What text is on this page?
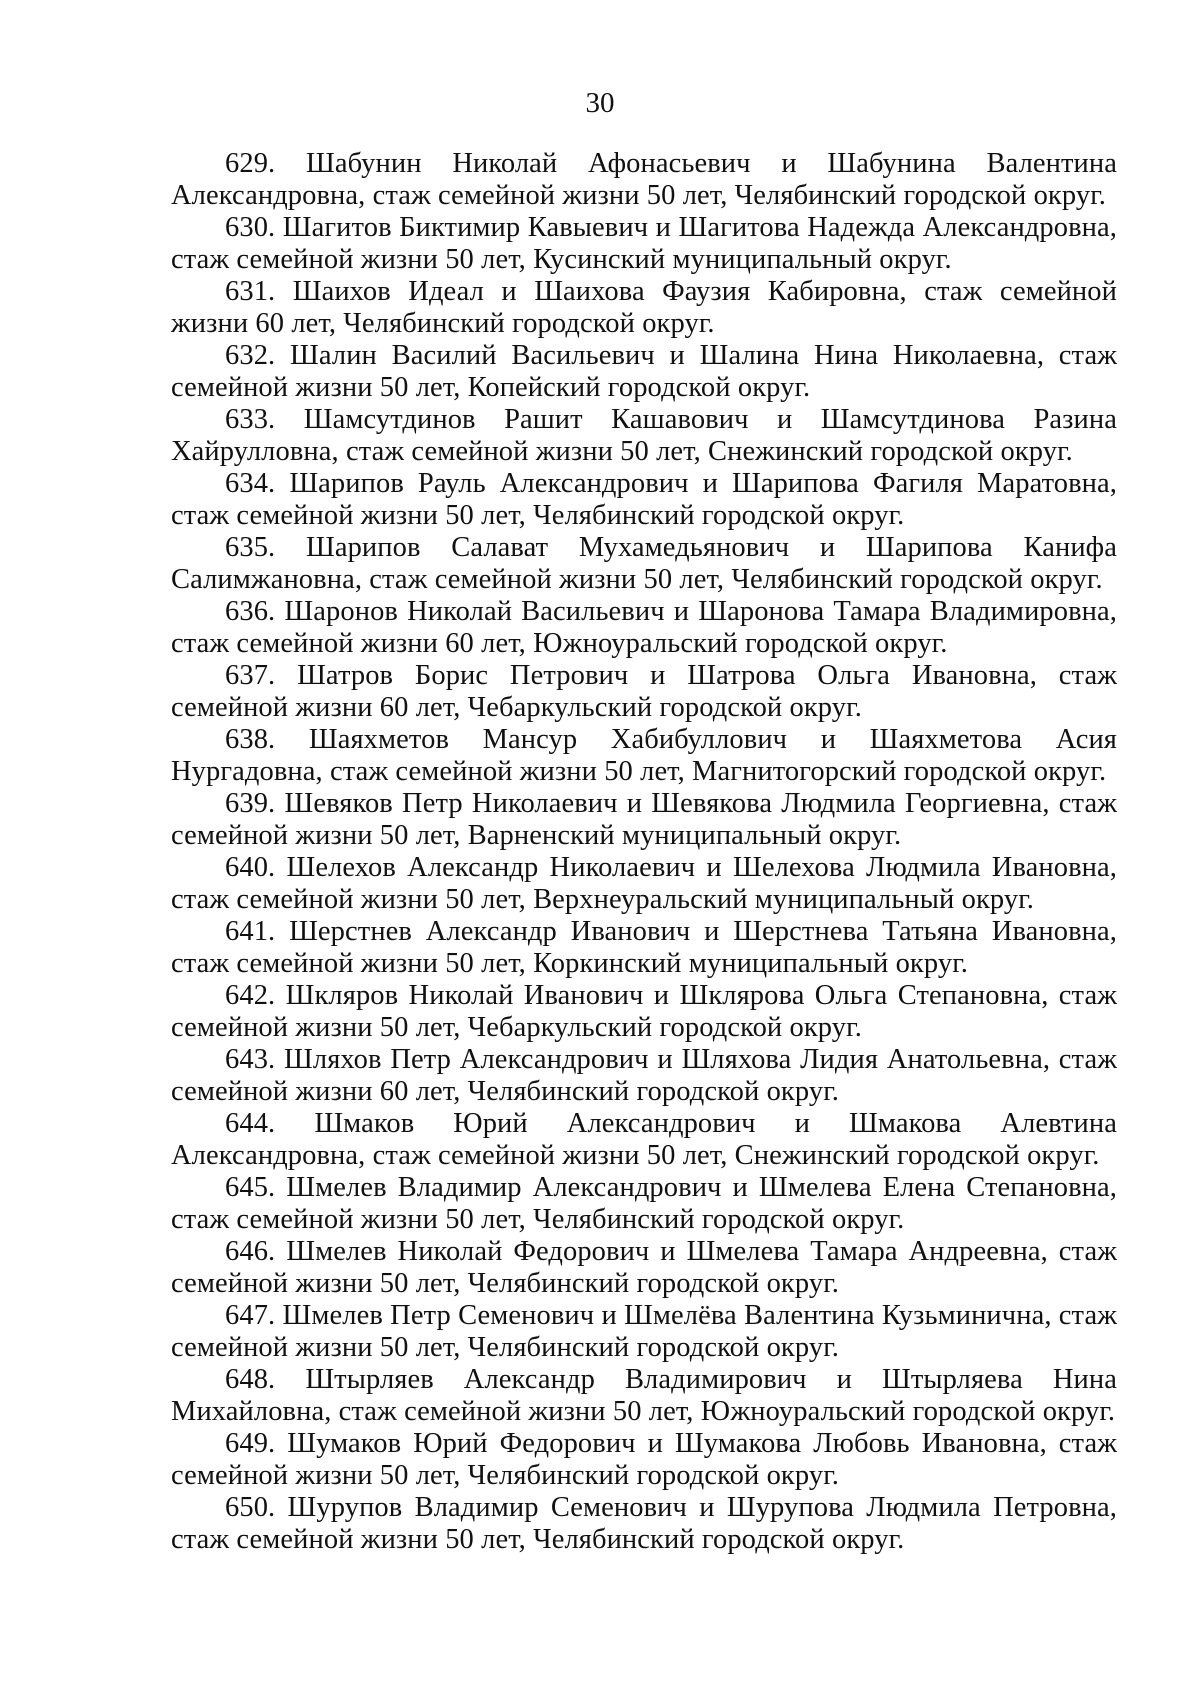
30

629. Шабунин Николай Афонасьевич и Шабунина Валентина Александровна, стаж семейной жизни 50 лет, Челябинский городской округ.

630. Шагитов Биктимир Кавыевич и Шагитова Надежда Александровна, стаж семейной жизни 50 лет, Кусинский муниципальный округ.

631. Шаихов Идеал и Шаихова Фаузия Кабировна, стаж семейной жизни 60 лет, Челябинский городской округ.

632. Шалин Василий Васильевич и Шалина Нина Николаевна, стаж семейной жизни 50 лет, Копейский городской округ.

633. Шамсутдинов Рашит Кашавович и Шамсутдинова Разина Хайрулловна, стаж семейной жизни 50 лет, Снежинский городской округ.

634. Шарипов Рауль Александрович и Шарипова Фагиля Маратовна, стаж семейной жизни 50 лет, Челябинский городской округ.

635. Шарипов Салават Мухамедьянович и Шарипова Канифа Салимжановна, стаж семейной жизни 50 лет, Челябинский городской округ.

636. Шаронов Николай Васильевич и Шаронова Тамара Владимировна, стаж семейной жизни 60 лет, Южноуральский городской округ.

637. Шатров Борис Петрович и Шатрова Ольга Ивановна, стаж семейной жизни 60 лет, Чебаркульский городской округ.

638. Шаяхметов Мансур Хабибуллович и Шаяхметова Асия Нургадовна, стаж семейной жизни 50 лет, Магнитогорский городской округ.

639. Шевяков Петр Николаевич и Шевякова Людмила Георгиевна, стаж семейной жизни 50 лет, Варненский муниципальный округ.

640. Шелехов Александр Николаевич и Шелехова Людмила Ивановна, стаж семейной жизни 50 лет, Верхнеуральский муниципальный округ.

641. Шерстнев Александр Иванович и Шерстнева Татьяна Ивановна, стаж семейной жизни 50 лет, Коркинский муниципальный округ.

642. Шкляров Николай Иванович и Шклярова Ольга Степановна, стаж семейной жизни 50 лет, Чебаркульский городской округ.

643. Шляхов Петр Александрович и Шляхова Лидия Анатольевна, стаж семейной жизни 60 лет, Челябинский городской округ.

644. Шмаков Юрий Александрович и Шмакова Алевтина Александровна, стаж семейной жизни 50 лет, Снежинский городской округ.

645. Шмелев Владимир Александрович и Шмелева Елена Степановна, стаж семейной жизни 50 лет, Челябинский городской округ.

646. Шмелев Николай Федорович и Шмелева Тамара Андреевна, стаж семейной жизни 50 лет, Челябинский городской округ.

647. Шмелев Петр Семенович и Шмелёва Валентина Кузьминична, стаж семейной жизни 50 лет, Челябинский городской округ.

648. Штырляев Александр Владимирович и Штырляева Нина Михайловна, стаж семейной жизни 50 лет, Южноуральский городской округ.

649. Шумаков Юрий Федорович и Шумакова Любовь Ивановна, стаж семейной жизни 50 лет, Челябинский городской округ.

650. Шурупов Владимир Семенович и Шурупова Людмила Петровна, стаж семейной жизни 50 лет, Челябинский городской округ.
